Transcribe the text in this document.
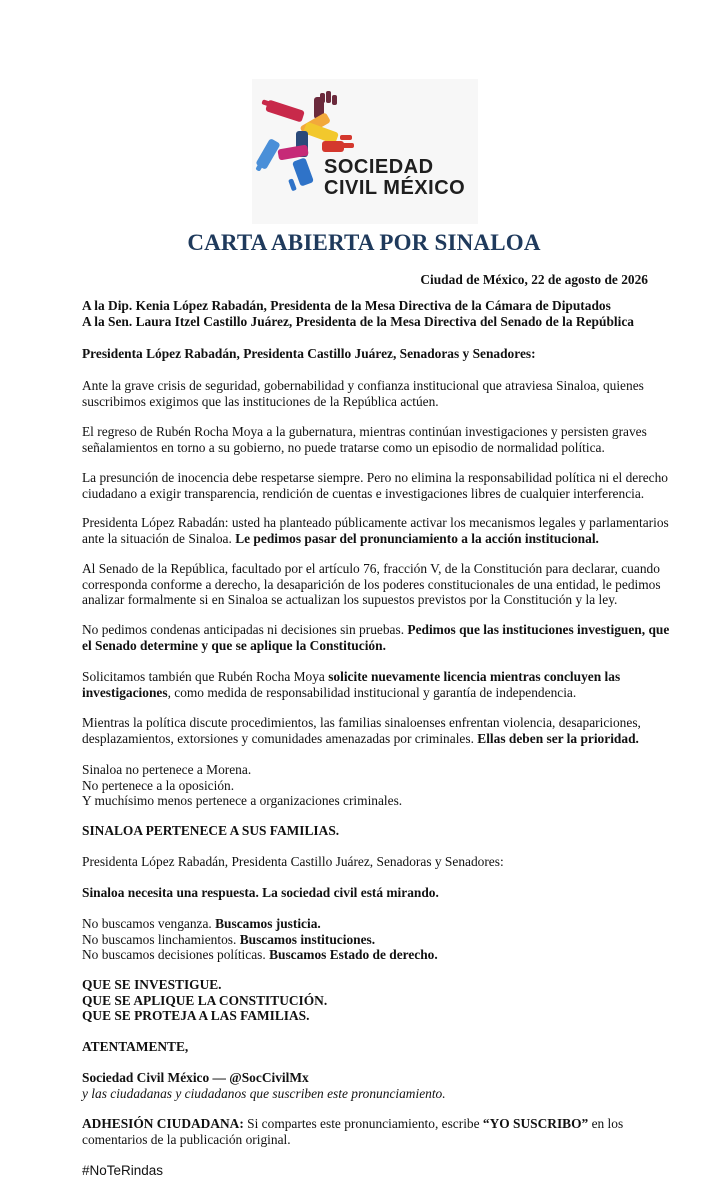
SOCIEDAD
CIVIL MÉXICO
CARTA ABIERTA POR SINALOA
Ciudad de México, 22 de agosto de 2026
A la Dip. Kenia López Rabadán, Presidenta de la Mesa Directiva de la Cámara de Diputados
A la Sen. Laura Itzel Castillo Juárez, Presidenta de la Mesa Directiva del Senado de la República
Presidenta López Rabadán, Presidenta Castillo Juárez, Senadoras y Senadores:
Ante la grave crisis de seguridad, gobernabilidad y confianza institucional que atraviesa Sinaloa, quienes
suscribimos exigimos que las instituciones de la República actúen.
El regreso de Rubén Rocha Moya a la gubernatura, mientras continúan investigaciones y persisten graves
señalamientos en torno a su gobierno, no puede tratarse como un episodio de normalidad política.
La presunción de inocencia debe respetarse siempre. Pero no elimina la responsabilidad política ni el derecho
ciudadano a exigir transparencia, rendición de cuentas e investigaciones libres de cualquier interferencia.
Presidenta López Rabadán: usted ha planteado públicamente activar los mecanismos legales y parlamentarios
ante la situación de Sinaloa. Le pedimos pasar del pronunciamiento a la acción institucional.
Al Senado de la República, facultado por el artículo 76, fracción V, de la Constitución para declarar, cuando
corresponda conforme a derecho, la desaparición de los poderes constitucionales de una entidad, le pedimos
analizar formalmente si en Sinaloa se actualizan los supuestos previstos por la Constitución y la ley.
No pedimos condenas anticipadas ni decisiones sin pruebas. Pedimos que las instituciones investiguen, que
el Senado determine y que se aplique la Constitución.
Solicitamos también que Rubén Rocha Moya solicite nuevamente licencia mientras concluyen las
investigaciones, como medida de responsabilidad institucional y garantía de independencia.
Mientras la política discute procedimientos, las familias sinaloenses enfrentan violencia, desapariciones,
desplazamientos, extorsiones y comunidades amenazadas por criminales. Ellas deben ser la prioridad.
Sinaloa no pertenece a Morena.
No pertenece a la oposición.
Y muchísimo menos pertenece a organizaciones criminales.
SINALOA PERTENECE A SUS FAMILIAS.
Presidenta López Rabadán, Presidenta Castillo Juárez, Senadoras y Senadores:
Sinaloa necesita una respuesta. La sociedad civil está mirando.
No buscamos venganza. Buscamos justicia.
No buscamos linchamientos. Buscamos instituciones.
No buscamos decisiones políticas. Buscamos Estado de derecho.
QUE SE INVESTIGUE.
QUE SE APLIQUE LA CONSTITUCIÓN.
QUE SE PROTEJA A LAS FAMILIAS.
ATENTAMENTE,
Sociedad Civil México — @SocCivilMx
y las ciudadanas y ciudadanos que suscriben este pronunciamiento.
ADHESIÓN CIUDADANA: Si compartes este pronunciamiento, escribe “YO SUSCRIBO” en los
comentarios de la publicación original.
#NoTeRindas
